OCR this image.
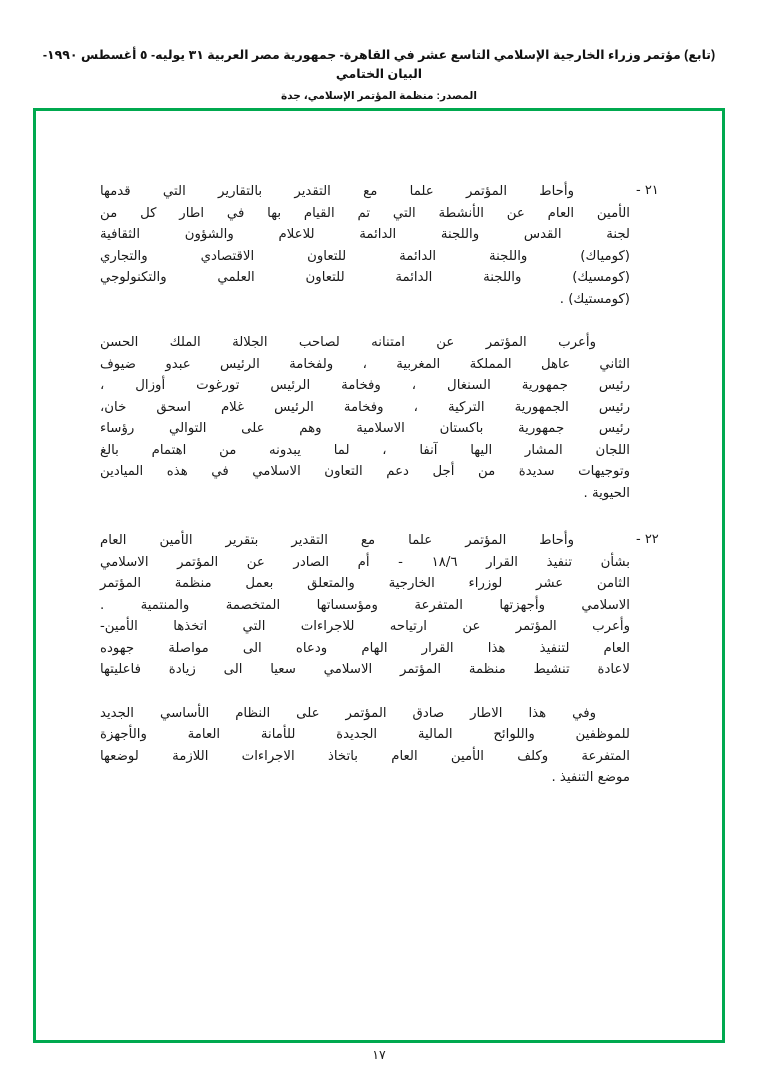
(تابع) مؤتمر وزراء الخارجية الإسلامي التاسع عشر في القاهرة- جمهورية مصر العربية ٣١ يوليه- ٥ أغسطس ١٩٩٠- البيان الختامي
المصدر: منظمة المؤتمر الإسلامي، جدة
٢١ -
وأحاط المؤتمر علما مع التقدير بالتقارير التي قدمها
الأمين العام عن الأنشطة التي تم القيام بها في اطار كل من
لجنة القدس واللجنة الدائمة للاعلام والشؤون الثقافية
(كومياك) واللجنة الدائمة للتعاون الاقتصادي والتجاري
(كومسيك) واللجنة الدائمة للتعاون العلمي والتكنولوجي
(كومستيك) .
وأعرب المؤتمر عن امتنانه لصاحب الجلالة الملك الحسن
الثاني عاهل المملكة المغربية ، ولفخامة الرئيس عبدو ضيوف
رئيس جمهورية السنغال ، وفخامة الرئيس تورغوت أوزال ،
رئيس الجمهورية التركية ، وفخامة الرئيس غلام اسحق خان،
رئيس جمهورية باكستان الاسلامية وهم على التوالي رؤساء
اللجان المشار اليها آنفا ، لما يبدونه من اهتمام بالغ
وتوجيهات سديدة من أجل دعم التعاون الاسلامي في هذه الميادين
الحيوية .
٢٢ -
وأحاط المؤتمر علما مع التقدير بتقرير الأمين العام
بشأن تنفيذ القرار ١٨/٦ - أم الصادر عن المؤتمر الاسلامي
الثامن عشر لوزراء الخارجية والمتعلق بعمل منظمة المؤتمر
الاسلامي وأجهزتها المتفرعة ومؤسساتها المتخصمة والمنتمية .
وأعرب المؤتمر عن ارتياحه للاجراءات التي اتخذها الأمين-
العام لتنفيذ هذا القرار الهام ودعاه الى مواصلة جهوده
لاعادة تنشيط منظمة المؤتمر الاسلامي سعيا الى زيادة فاعليتها
وفي هذا الاطار صادق المؤتمر على النظام الأساسي الجديد
للموظفين واللوائح المالية الجديدة للأمانة العامة والأجهزة
المتفرعة وكلف الأمين العام باتخاذ الاجراءات اللازمة لوضعها
موضع التنفيذ .
١٧
